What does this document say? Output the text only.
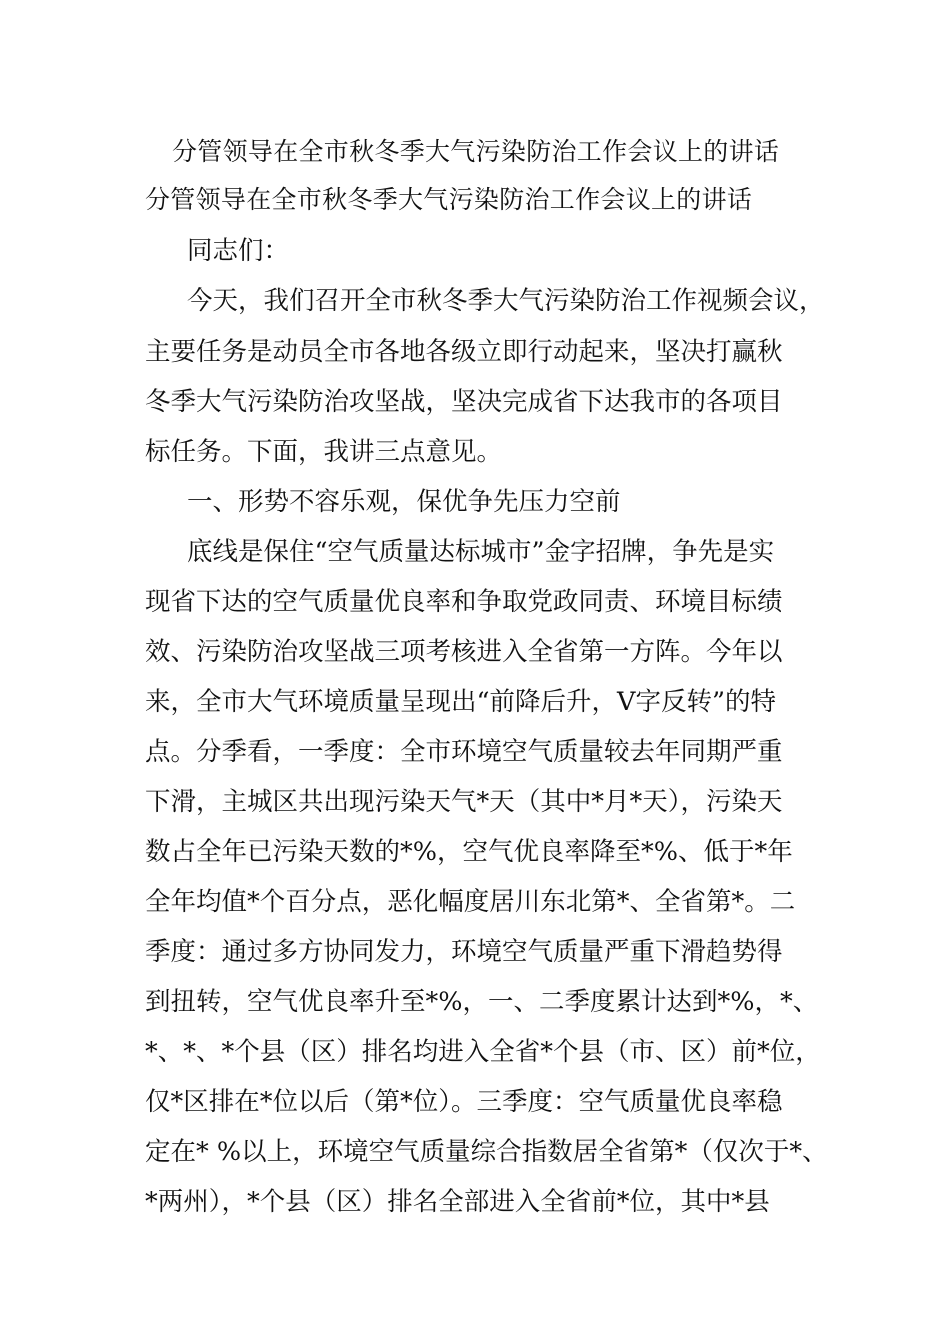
分管领导在全市秋冬季大气污染防治工作会议上的讲话
分管领导在全市秋冬季大气污染防治工作会议上的讲话
同志们：
今天，我们召开全市秋冬季大气污染防治工作视频会议，
主要任务是动员全市各地各级立即行动起来，坚决打赢秋
冬季大气污染防治攻坚战，坚决完成省下达我市的各项目
标任务。下面，我讲三点意见。
一、形势不容乐观，保优争先压力空前
底线是保住“空气质量达标城市”金字招牌，争先是实
现省下达的空气质量优良率和争取党政同责、环境目标绩
效、污染防治攻坚战三项考核进入全省第一方阵。今年以
来，全市大气环境质量呈现出“前降后升，V字反转”的特
点。分季看，一季度：全市环境空气质量较去年同期严重
下滑，主城区共出现污染天气*天（其中*月*天），污染天
数占全年已污染天数的*%，空气优良率降至*%、低于*年
全年均值*个百分点，恶化幅度居川东北第*、全省第*。二
季度：通过多方协同发力，环境空气质量严重下滑趋势得
到扭转，空气优良率升至*%，一、二季度累计达到*%，*、
*、*、*个县（区）排名均进入全省*个县（市、区）前*位，
仅*区排在*位以后（第*位）。三季度：空气质量优良率稳
定在* %以上，环境空气质量综合指数居全省第*（仅次于*、
*两州），*个县（区）排名全部进入全省前*位，其中*县
